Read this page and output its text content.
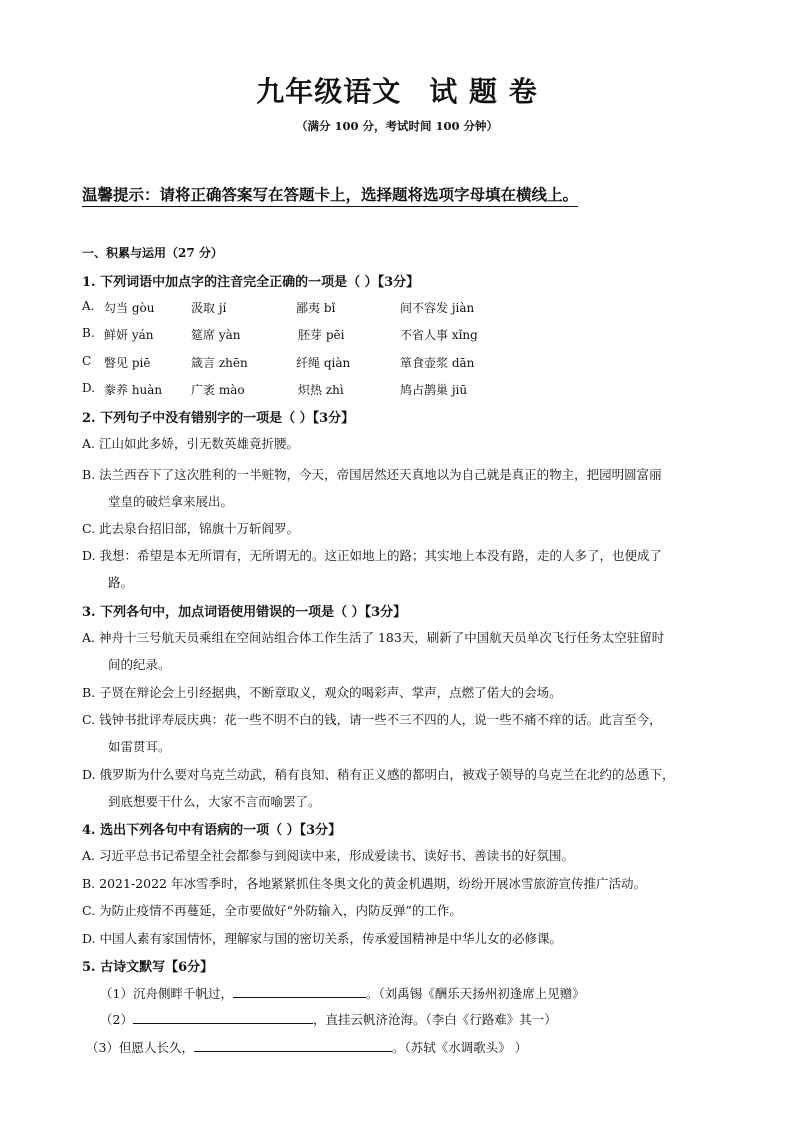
九年级语文 试 题 卷
（满分 100 分，考试时间 100 分钟）
温馨提示：请将正确答案写在答题卡上，选择题将选项字母填在横线上。
一、积累与运用（27 分）
1. 下列词语中加点字的注音完全正确的一项是（ ）【3分】
A. 勾当 gòu	汲取 jí	鄙夷 bǐ	间不容发 jiàn
B. 鲜妍 yán	筵席 yàn	胚芽 pēi	不省人事 xǐng
C 瞥见 piē	箴言 zhēn	纤绳 qiàn	箪食壶浆 dān
D. 豢养 huàn 广袤 mào	炽热 zhì	鸠占鹊巢 jiū
2. 下列句子中没有错别字的一项是（ ）【3分】
A. 江山如此多娇，引无数英雄竟折腰。
B. 法兰西吞下了这次胜利的一半赃物，今天，帝国居然还天真地以为自己就是真正的物主，把园明圆富丽
堂皇的破烂拿来展出。
C. 此去泉台招旧部，锦旗十万斩阎罗。
D. 我想：希望是本无所谓有，无所谓无的。这正如地上的路；其实地上本没有路，走的人多了，也便成了
路。
3. 下列各句中，加点词语使用错误的一项是（ ）【3分】
A. 神舟十三号航天员乘组在空间站组合体工作生活了 183天，刷新了中国航天员单次飞行任务太空驻留时
间的纪录。
B. 子贤在辩论会上引经据典，不断章取义，观众的喝彩声、掌声，点燃了偌大的会场。
C. 钱钟书批评寿辰庆典：花一些不明不白的钱，请一些不三不四的人，说一些不痛不痒的话。此言至今，
如雷贯耳。
D. 俄罗斯为什么要对乌克兰动武，稍有良知、稍有正义感的都明白，被戏子领导的乌克兰在北约的怂恿下，
到底想要干什么，大家不言而喻罢了。
4. 选出下列各句中有语病的一项（ ）【3分】
A. 习近平总书记希望全社会都参与到阅读中来，形成爱读书、读好书、善读书的好氛围。
B. 2021-2022 年冰雪季时，各地紧紧抓住冬奥文化的黄金机遇期，纷纷开展冰雪旅游宣传推广活动。
C. 为防止疫情不再蔓延，全市要做好“外防输入，内防反弹”的工作。
D. 中国人素有家国情怀，理解家与国的密切关系，传承爱国精神是中华儿女的必修课。
5. 古诗文默写【6分】
（1）沉舟侧畔千帆过，	。（刘禹锡《酬乐天扬州初逢席上见赠》
（2）	，直挂云帆济沧海。（李白《行路难》其一）
（3）但愿人长久，	。（苏轼《水调歌头》 ）
